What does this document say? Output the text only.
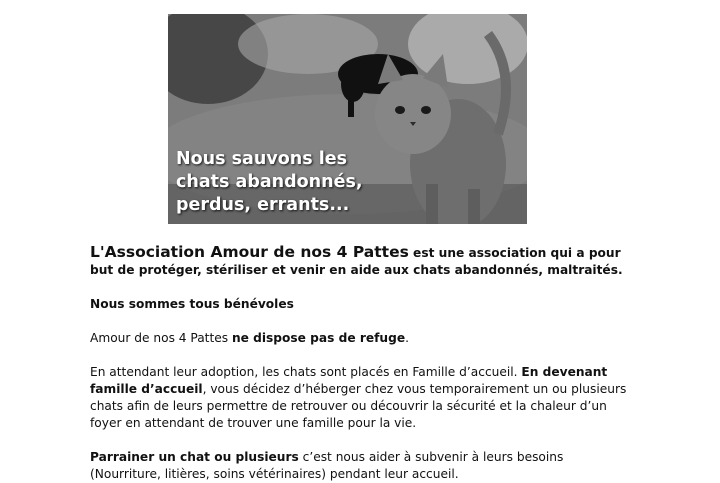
Nous sauvons les
chats abandonnés,
perdus, errants...

L'Association Amour de nos 4 Pattes est une association qui a pour but de protéger, stériliser et venir en aide aux chats abandonnés, maltraités.

Nous sommes tous bénévoles

Amour de nos 4 Pattes ne dispose pas de refuge.

En attendant leur adoption, les chats sont placés en Famille d’accueil. En devenant famille d’accueil, vous décidez d’héberger chez vous temporairement un ou plusieurs chats afin de leurs permettre de retrouver ou découvrir la sécurité et la chaleur d’un foyer en attendant de trouver une famille pour la vie.

Parrainer un chat ou plusieurs c’est nous aider à subvenir à leurs besoins (Nourriture, litières, soins vétérinaires) pendant leur accueil.
